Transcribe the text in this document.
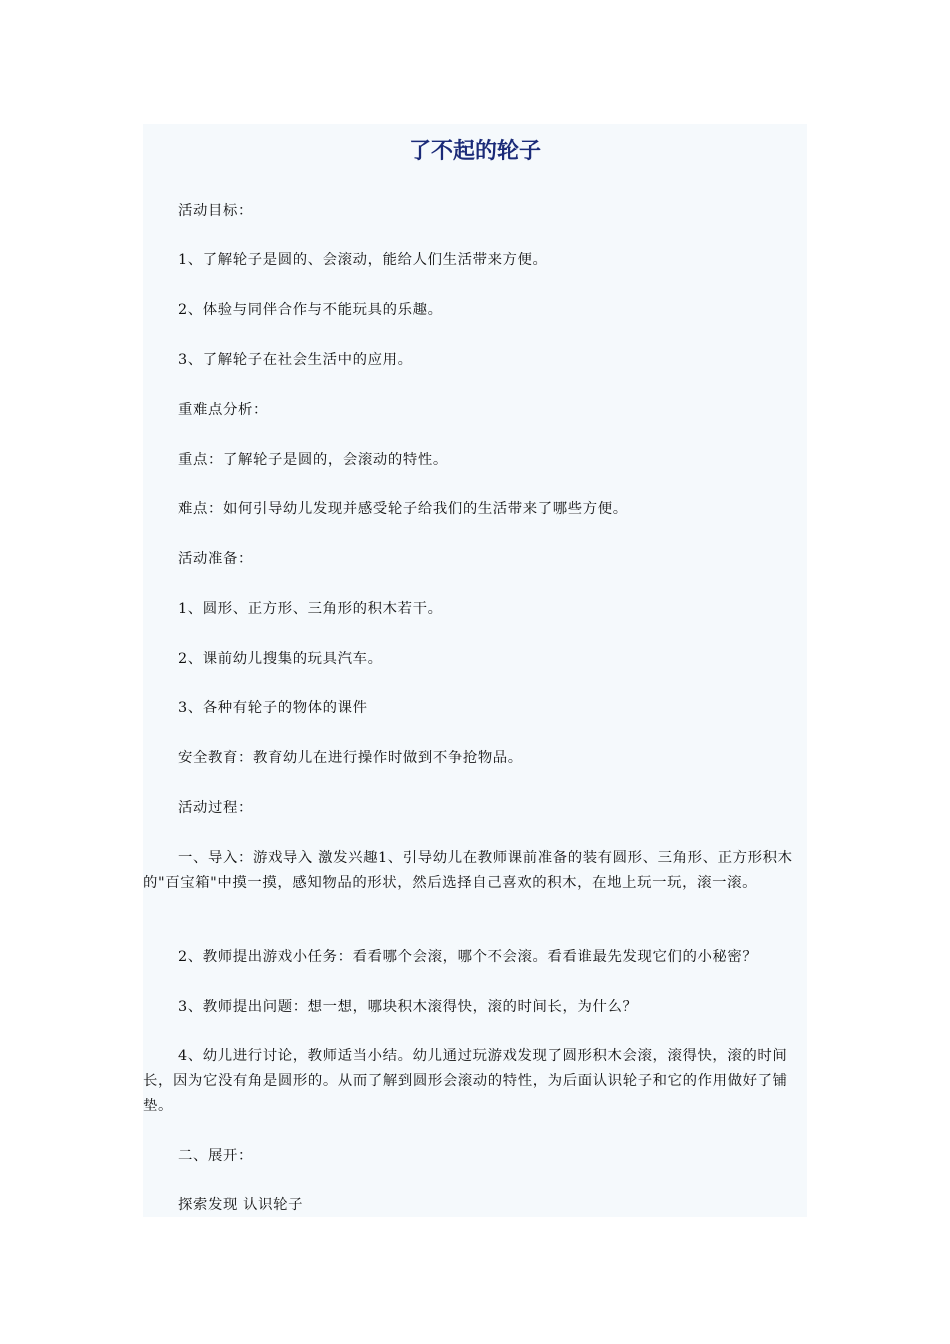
了不起的轮子

活动目标：

1、了解轮子是圆的、会滚动，能给人们生活带来方便。

2、体验与同伴合作与不能玩具的乐趣。

3、了解轮子在社会生活中的应用。

重难点分析：

重点：了解轮子是圆的，会滚动的特性。

难点：如何引导幼儿发现并感受轮子给我们的生活带来了哪些方便。

活动准备：

1、圆形、正方形、三角形的积木若干。

2、课前幼儿搜集的玩具汽车。

3、各种有轮子的物体的课件

安全教育：教育幼儿在进行操作时做到不争抢物品。

活动过程：

一、导入：游戏导入 激发兴趣1、引导幼儿在教师课前准备的装有圆形、三角形、正方形积木的"百宝箱"中摸一摸，感知物品的形状，然后选择自己喜欢的积木，在地上玩一玩，滚一滚。

2、教师提出游戏小任务：看看哪个会滚，哪个不会滚。看看谁最先发现它们的小秘密？

3、教师提出问题：想一想，哪块积木滚得快，滚的时间长，为什么？

4、幼儿进行讨论，教师适当小结。幼儿通过玩游戏发现了圆形积木会滚，滚得快，滚的时间长，因为它没有角是圆形的。从而了解到圆形会滚动的特性，为后面认识轮子和它的作用做好了铺垫。

二、展开：

探索发现 认识轮子
